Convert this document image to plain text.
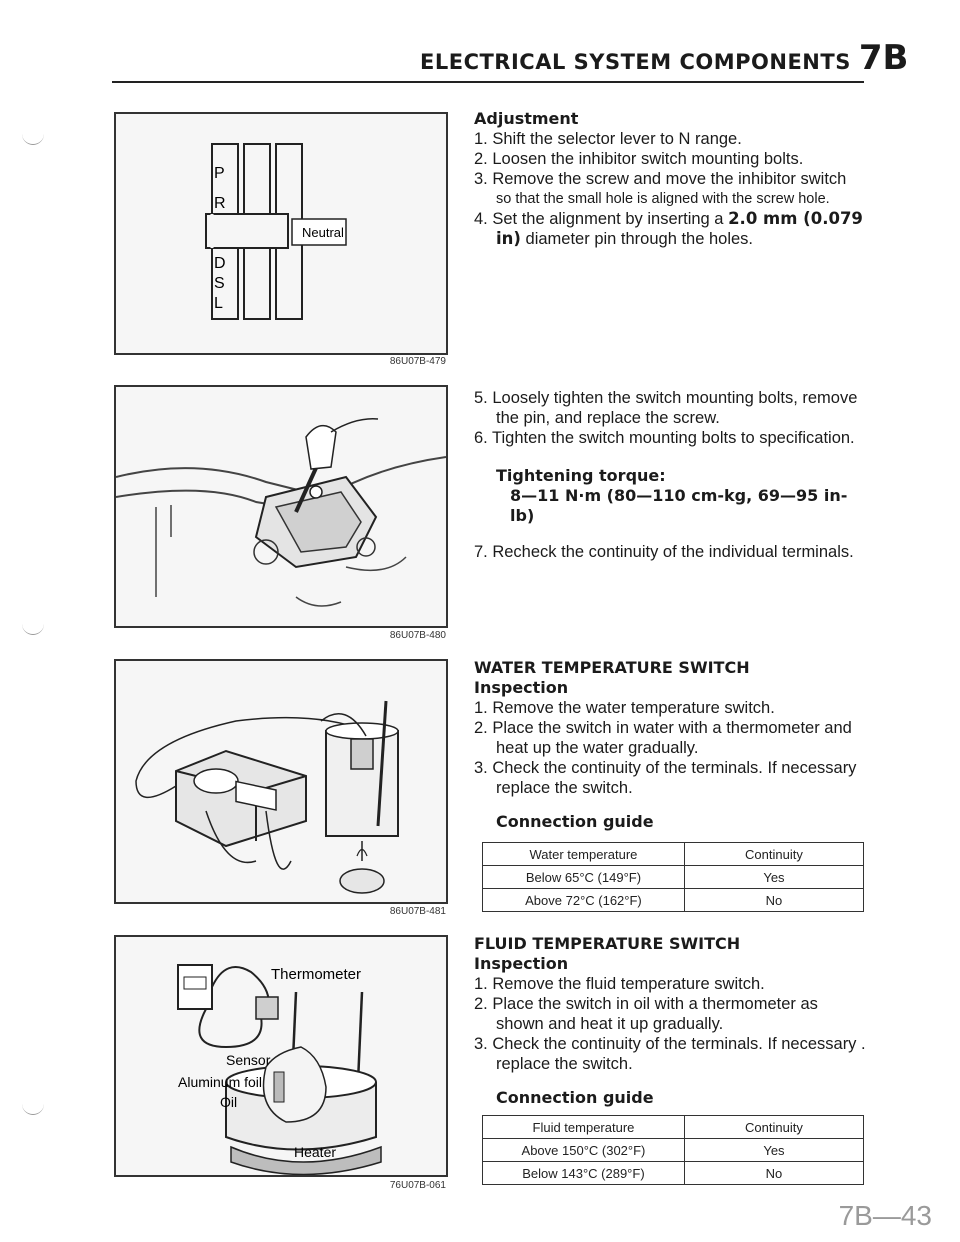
ELECTRICAL SYSTEM COMPONENTS 7B
P
R
D
S
L
Neutral
86U07B-479
86U07B-480
86U07B-481
Thermometer
Sensor
Aluminum foil
Oil
Heater
76U07B-061
Adjustment
1. Shift the selector lever to N range.
2. Loosen the inhibitor switch mounting bolts.
3. Remove the screw and move the inhibitor switch
so that the small hole is aligned with the screw hole.
4. Set the alignment by inserting a 2.0 mm (0.079 in) diameter pin through the holes.
5. Loosely tighten the switch mounting bolts, remove the pin, and replace the screw.
6. Tighten the switch mounting bolts to specification.
Tightening torque:
8—11 N·m (80—110 cm-kg, 69—95 in-lb)
7. Recheck the continuity of the individual terminals.
WATER TEMPERATURE SWITCH
Inspection
1. Remove the water temperature switch.
2. Place the switch in water with a thermometer and heat up the water gradually.
3. Check the continuity of the terminals. If necessary replace the switch.
Connection guide
Water temperature	Continuity
Below 65°C (149°F)	Yes
Above 72°C (162°F)	No
FLUID TEMPERATURE SWITCH
Inspection
1. Remove the fluid temperature switch.
2. Place the switch in oil with a thermometer as shown and heat it up gradually.
3. Check the continuity of the terminals. If necessary . replace the switch.
Connection guide
Fluid temperature	Continuity
Above 150°C (302°F)	Yes
Below 143°C (289°F)	No
7B—43
